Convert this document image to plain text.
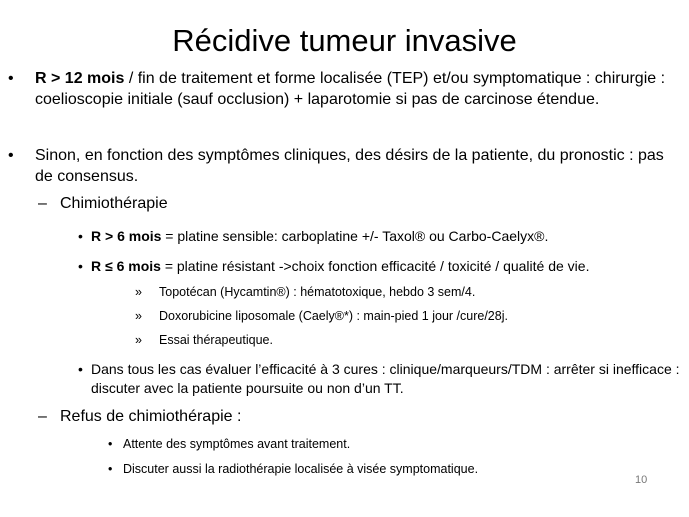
Récidive tumeur invasive
•	R > 12 mois / fin de traitement et forme localisée (TEP) et/ou symptomatique : chirurgie : coelioscopie initiale (sauf occlusion) + laparotomie si pas de carcinose étendue.
•	Sinon, en fonction des symptômes cliniques, des désirs de la patiente, du pronostic : pas de consensus.
– Chimiothérapie
• R > 6 mois = platine sensible: carboplatine +/- Taxol® ou Carbo-Caelyx®.
• R ≤ 6 mois = platine résistant ->choix fonction efficacité / toxicité / qualité de vie.
»	Topotécan (Hycamtin®) : hématotoxique, hebdo 3 sem/4.
»	Doxorubicine liposomale (Caely®*) : main-pied 1 jour /cure/28j.
»	Essai thérapeutique.
• Dans tous les cas évaluer l’efficacité à 3 cures : clinique/marqueurs/TDM : arrêter si inefficace : discuter avec la patiente poursuite ou non d’un TT.
– Refus de chimiothérapie :
• Attente des symptômes avant traitement.
• Discuter aussi la radiothérapie localisée à visée symptomatique.
10
